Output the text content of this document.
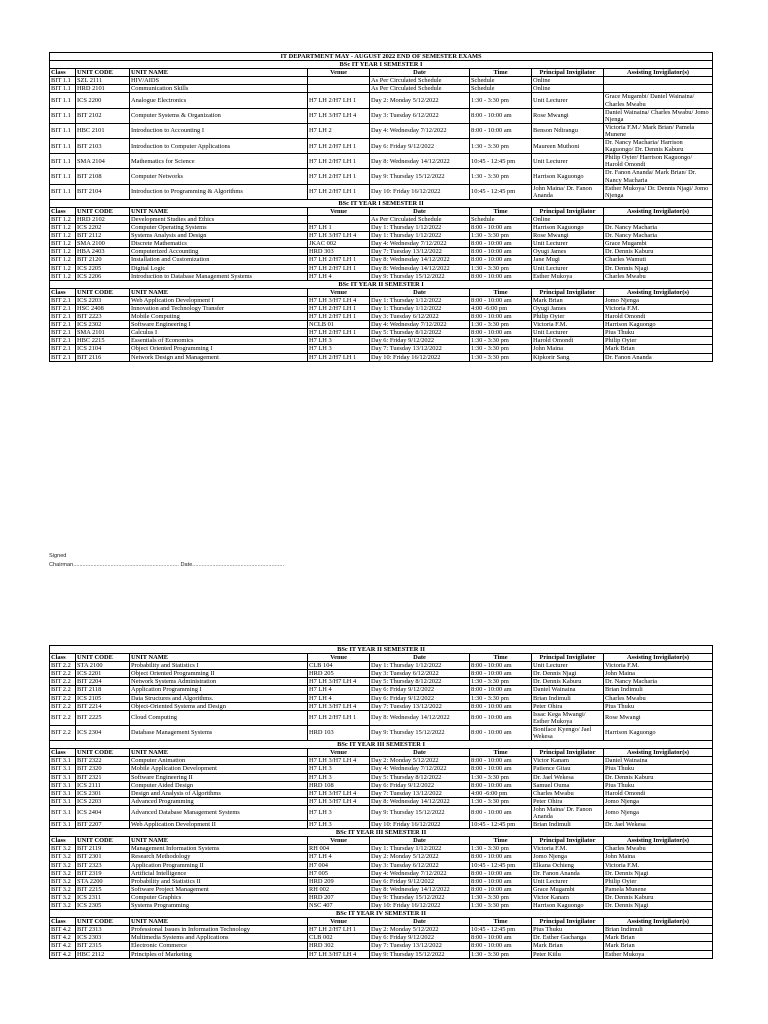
IT DEPARTMENT MAY - AUGUST 2022 END OF SEMESTER EXAMS							
BSc IT YEAR I SEMESTER I							
Class	UNIT CODE	UNIT NAME	Venue	Date	Time	Principal Invigilator	Assisting Invigilator(s)
BIT 1.1	SZL 2111	HIV/AIDS		As Per Circulated Schedule	Schedule	Online	
BIT 1.1	HRD 2101	Communication Skills		As Per Circulated Schedule	Schedule	Online	
BIT 1.1	ICS 2200	Analogue Electronics	H7 LH 2/H7 LH 1	Day 2: Monday 5/12/2022	1:30 - 3:30 pm	Unit Lecturer	Grace Mugambi/ Daniel Wainaina/ Charles Mwabu
BIT 1.1	BIT 2102	Computer Systems & Organization	H7 LH 3/H7 LH 4	Day 3: Tuesday 6/12/2022	8:00 - 10:00 am	Rose Mwangi	Daniel Wainaina/ Charles Mwabu/ Jomo Njenga
BIT 1.1	HBC 2101	Introduction to Accounting I	H7 LH 2	Day 4: Wednesday 7/12/2022	8:00 - 10:00 am	Benson Ndirangu	Victoria F.M./ Mark Brian/ Pamela Munene
BIT 1.1	BIT 2103	Introduction to Computer Applications	H7 LH 2/H7 LH 1	Day 6: Friday 9/12/2022	1:30 - 3:30 pm	Maureen Muthoni	Dr. Nancy Macharia/ Harrison Kaguongo/ Dr. Dennis Kaburu
BIT 1.1	SMA 2104	Mathematics for Science	H7 LH 2/H7 LH 1	Day 8: Wednesday 14/12/2022	10:45 - 12:45 pm	Unit Lecturer	Philip Oyier/ Harrison Kaguongo/ Harold Omondi
BIT 1.1	BIT 2108	Computer Networks	H7 LH 2/H7 LH 1	Day 9: Thursday 15/12/2022	1:30 - 3:30 pm	Harrison Kaguongo	Dr. Fanon Ananda/ Mark Brian/ Dr. Nancy Macharia
BIT 1.1	BIT 2104	Introduction to Programming & Algorithms	H7 LH 2/H7 LH 1	Day 10: Friday 16/12/2022	10:45 - 12:45 pm	John Maina/ Dr. Fanon Ananda	Esther Mukoya/ Dr. Dennis Njagi/ Jomo Njenga
BSc IT YEAR I SEMESTER II							
Class	UNIT CODE	UNIT NAME	Venue	Date	Time	Principal Invigilator	Assisting Invigilator(s)
BIT 1.2	HRD 2102	Development Studies and Ethics		As Per Circulated Schedule	Schedule	Online	
BIT 1.2	ICS 2202	Computer Operating Systems	H7 LH 1	Day 1: Thursday 1/12/2022	8:00 - 10:00 am	Harrison Kaguongo	Dr. Nancy Macharia
BIT 1.2	BIT 2112	Systems Analysis and Design	H7 LH 3/H7 LH 4	Day 1: Thursday 1/12/2022	1:30 - 3:30 pm	Rose Mwangi	Dr. Nancy Macharia
BIT 1.2	SMA 2100	Discrete Mathematics	JKAC 002	Day 4: Wednesday 7/12/2022	8:00 - 10:00 am	Unit Lecturer	Grace Mugambi
BIT 1.2	HBA 2403	Computerized Accounting	HRD 303	Day 7: Tuesday 13/12/2022	8:00 - 10:00 am	Oyugi James	Dr. Dennis Kaburu
BIT 1.2	BIT 2120	Installation and Customization	H7 LH 2/H7 LH 1	Day 8: Wednesday 14/12/2022	8:00 - 10:00 am	Jane Mugi	Charles Wamuti
BIT 1.2	ICS 2205	Digital Logic	H7 LH 2/H7 LH 1	Day 8: Wednesday 14/12/2022	1:30 - 3:30 pm	Unit Lecturer	Dr. Dennis Njagi
BIT 1.2	ICS 2206	Introduction to Database Management Systems	H7 LH 4	Day 9: Thursday 15/12/2022	8:00 - 10:00 am	Esther Mukoya	Charles Mwabu
BSc IT YEAR II SEMESTER I							
Class	UNIT CODE	UNIT NAME	Venue	Date	Time	Principal Invigilator	Assisting Invigilator(s)
BIT 2.1	ICS 2203	Web Application Development I	H7 LH 3/H7 LH 4	Day 1: Thursday 1/12/2022	8:00 - 10:00 am	Mark Brian	Jomo Njenga
BIT 2.1	HSC 2408	Innovation and Technology Transfer	H7 LH 2/H7 LH 1	Day 1: Thursday 1/12/2022	4:00 -6:00 pm	Oyugi James	Victoria F.M.
BIT 2.1	BIT 2223	Mobile Computing	H7 LH 2/H7 LH 1	Day 3: Tuesday 6/12/2022	8:00 - 10:00 am	Philip Oyier	Harold Omondi
BIT 2.1	ICS 2302	Software Engineering I	NCLB 01	Day 4: Wednesday 7/12/2022	1:30 - 3:30 pm	Victoria F.M.	Harrison Kaguongo
BIT 2.1	SMA 2101	Calculus I	H7 LH 2/H7 LH 1	Day 5: Thursday 8/12/2022	8:00 - 10:00 am	Unit Lecturer	Pius Thuku
BIT 2.1	HBC 2215	Essentials of Economics	H7 LH 3	Day 6: Friday 9/12/2022	1:30 - 3:30 pm	Harold Omondi	Philip Oyier
BIT 2.1	ICS 2104	Object Oriented Programming I	H7 LH 3	Day 7: Tuesday 13/12/2022	1:30 - 3:30 pm	John Maina	Mark Brian
BIT 2.1	BIT 2116	Network Design and Management	H7 LH 2/H7 LH 1	Day 10: Friday 16/12/2022	1:30 - 3:30 pm	Kipkorir Sang	Dr. Fanon Ananda
Signed
Chairman.................................................................... Date...........................................................
BSc IT YEAR II SEMESTER II							
Class	UNIT CODE	UNIT NAME	Venue	Date	Time	Principal Invigilator	Assisting Invigilator(s)
BIT 2.2	STA 2100	Probability and Statistics I	CLB 104	Day 1: Thursday 1/12/2022	8:00 - 10:00 am	Unit Lecturer	Victoria F.M.
BIT 2.2	ICS 2201	Object Oriented Programming II	HRD 205	Day 3: Tuesday 6/12/2022	8:00 - 10:00 am	Dr. Dennis Njagi	John Maina
BIT 2.2	BIT 2204	Network Systems Administration	H7 LH 3/H7 LH 4	Day 5: Thursday 8/12/2022	1:30 - 3:30 pm	Dr. Dennis Kaburu	Dr. Nancy Macharia
BIT 2.2	BIT 2118	Application Programming I	H7 LH 4	Day 6: Friday 9/12/2022	8:00 - 10:00 am	Daniel Wainaina	Brian Indimuli
BIT 2.2	ICS 2105	Data Structures and Algorithms.	H7 LH 4	Day 6: Friday 9/12/2022	1:30 - 3:30 pm	Brian Indimuli	Charles Mwabu
BIT 2.2	BIT 2214	Object-Oriented Systems and Design	H7 LH 3/H7 LH 4	Day 7: Tuesday 13/12/2022	8:00 - 10:00 am	Peter Ohira	Pius Thuku
BIT 2.2	BIT 2225	Cloud Computing	H7 LH 2/H7 LH 1	Day 8: Wednesday 14/12/2022	8:00 - 10:00 am	Issac Kega Mwangi/ Esther Mukoya	Rose Mwangi
BIT 2.2	ICS 2304	Database Management Systems	HRD 103	Day 9: Thursday 15/12/2022	8:00 - 10:00 am	Boniface Kyengo/ Jael Wekesa	Harrison Kaguongo
BSc IT YEAR III SEMESTER I							
Class	UNIT CODE	UNIT NAME	Venue	Date	Time	Principal Invigilator	Assisting Invigilator(s)
BIT 3.1	BIT 2322	Computer Animation	H7 LH 3/H7 LH 4	Day 2: Monday 5/12/2022	8:00 - 10:00 am	Victor Kanam	Daniel Wainaina
BIT 3.1	BIT 2320	Mobile Application Development	H7 LH 3	Day 4: Wednesday 7/12/2022	8:00 - 10:00 am	Patience Gitau	Pius Thuku
BIT 3.1	BIT 2321	Software Engineering II	H7 LH 3	Day 5: Thursday 8/12/2022	1:30 - 3:30 pm	Dr. Jael Wekesa	Dr. Dennis Kaburu
BIT 3.1	ICS 2111	Computer Aided Design	HRD 108	Day 6: Friday 9/12/2022	8:00 - 10:00 am	Samuel Ouma	Pius Thuku
BIT 3.1	ICS 2301	Design and Analysis of Algorithms	H7 LH 3/H7 LH 4	Day 7: Tuesday 13/12/2022	4:00 -6:00 pm	Charles Mwabu	Harold Omondi
BIT 3.1	ICS 2203	Advanced Programming	H7 LH 3/H7 LH 4	Day 8: Wednesday 14/12/2022	1:30 - 3:30 pm	Peter Ohira	Jomo Njenga
BIT 3.1	ICS 2404	Advanced Database Management Systems	H7 LH 3	Day 9: Thursday 15/12/2022	8:00 - 10:00 am	John Maina/ Dr. Fanon Ananda	Jomo Njenga
BIT 3.1	BIT 2207	Web Application Development II	H7 LH 3	Day 10: Friday 16/12/2022	10:45 - 12:45 pm	Brian Indimuli	Dr. Jael Wekesa
BSc IT YEAR III SEMESTER II							
Class	UNIT CODE	UNIT NAME	Venue	Date	Time	Principal Invigilator	Assisting Invigilator(s)
BIT 3.2	BIT 2119	Management Information Systems	RH 004	Day 1: Thursday 1/12/2022	1:30 - 3:30 pm	Victoria F.M.	Charles Mwabu
BIT 3.2	BIT 2301	Research Methodology	H7 LH 4	Day 2: Monday 5/12/2022	8:00 - 10:00 am	Jomo Njenga	John Maina
BIT 3.2	BIT 2323	Application Programming II	H7 004	Day 3: Tuesday 6/12/2022	10:45 - 12:45 pm	Elkana Ochieng	Victoria F.M.
BIT 3.2	BIT 2319	Artificial Intelligence	H7 005	Day 4: Wednesday 7/12/2022	8:00 - 10:00 am	Dr. Fanon Ananda	Dr. Dennis Njagi
BIT 3.2	STA 2200	Probability and Statistics II	HRD 209	Day 6: Friday 9/12/2022	8:00 - 10:00 am	Unit Lecturer	Philip Oyier
BIT 3.2	BIT 2215	Software Project Management	RH 002	Day 8: Wednesday 14/12/2022	8:00 - 10:00 am	Grace Mugambi	Pamela Munene
BIT 3.2	ICS 2311	Computer Graphics	HRD 207	Day 9: Thursday 15/12/2022	1:30 - 3:30 pm	Victor Kanam	Dr. Dennis Kaburu
BIT 3.2	ICS 2305	Systems Programming	NSC 407	Day 10: Friday 16/12/2022	1:30 - 3:30 pm	Harrison Kaguongo	Dr. Dennis Njagi
BSc IT YEAR IV SEMESTER II							
Class	UNIT CODE	UNIT NAME	Venue	Date	Time	Principal Invigilator	Assisting Invigilator(s)
BIT 4.2	BIT 2313	Professional Issues in Information Technology	H7 LH 2/H7 LH 1	Day 2: Monday 5/12/2022	10:45 - 12:45 pm	Pius Thuku	Brian Indimuli
BIT 4.2	ICS 2303	Multimedia Systems and Applications	CLB 002	Day 6: Friday 9/12/2022	8:00 - 10:00 am	Dr. Esther Gachanga	Mark Brian
BIT 4.2	BIT 2315	Electronic Commerce	HRD 302	Day 7: Tuesday 13/12/2022	8:00 - 10:00 am	Mark Brian	Mark Brian
BIT 4.2	HBC 2112	Principles of Marketing	H7 LH 3/H7 LH 4	Day 9: Thursday 15/12/2022	1:30 - 3:30 pm	Peter Kiilu	Esther Mukoya
